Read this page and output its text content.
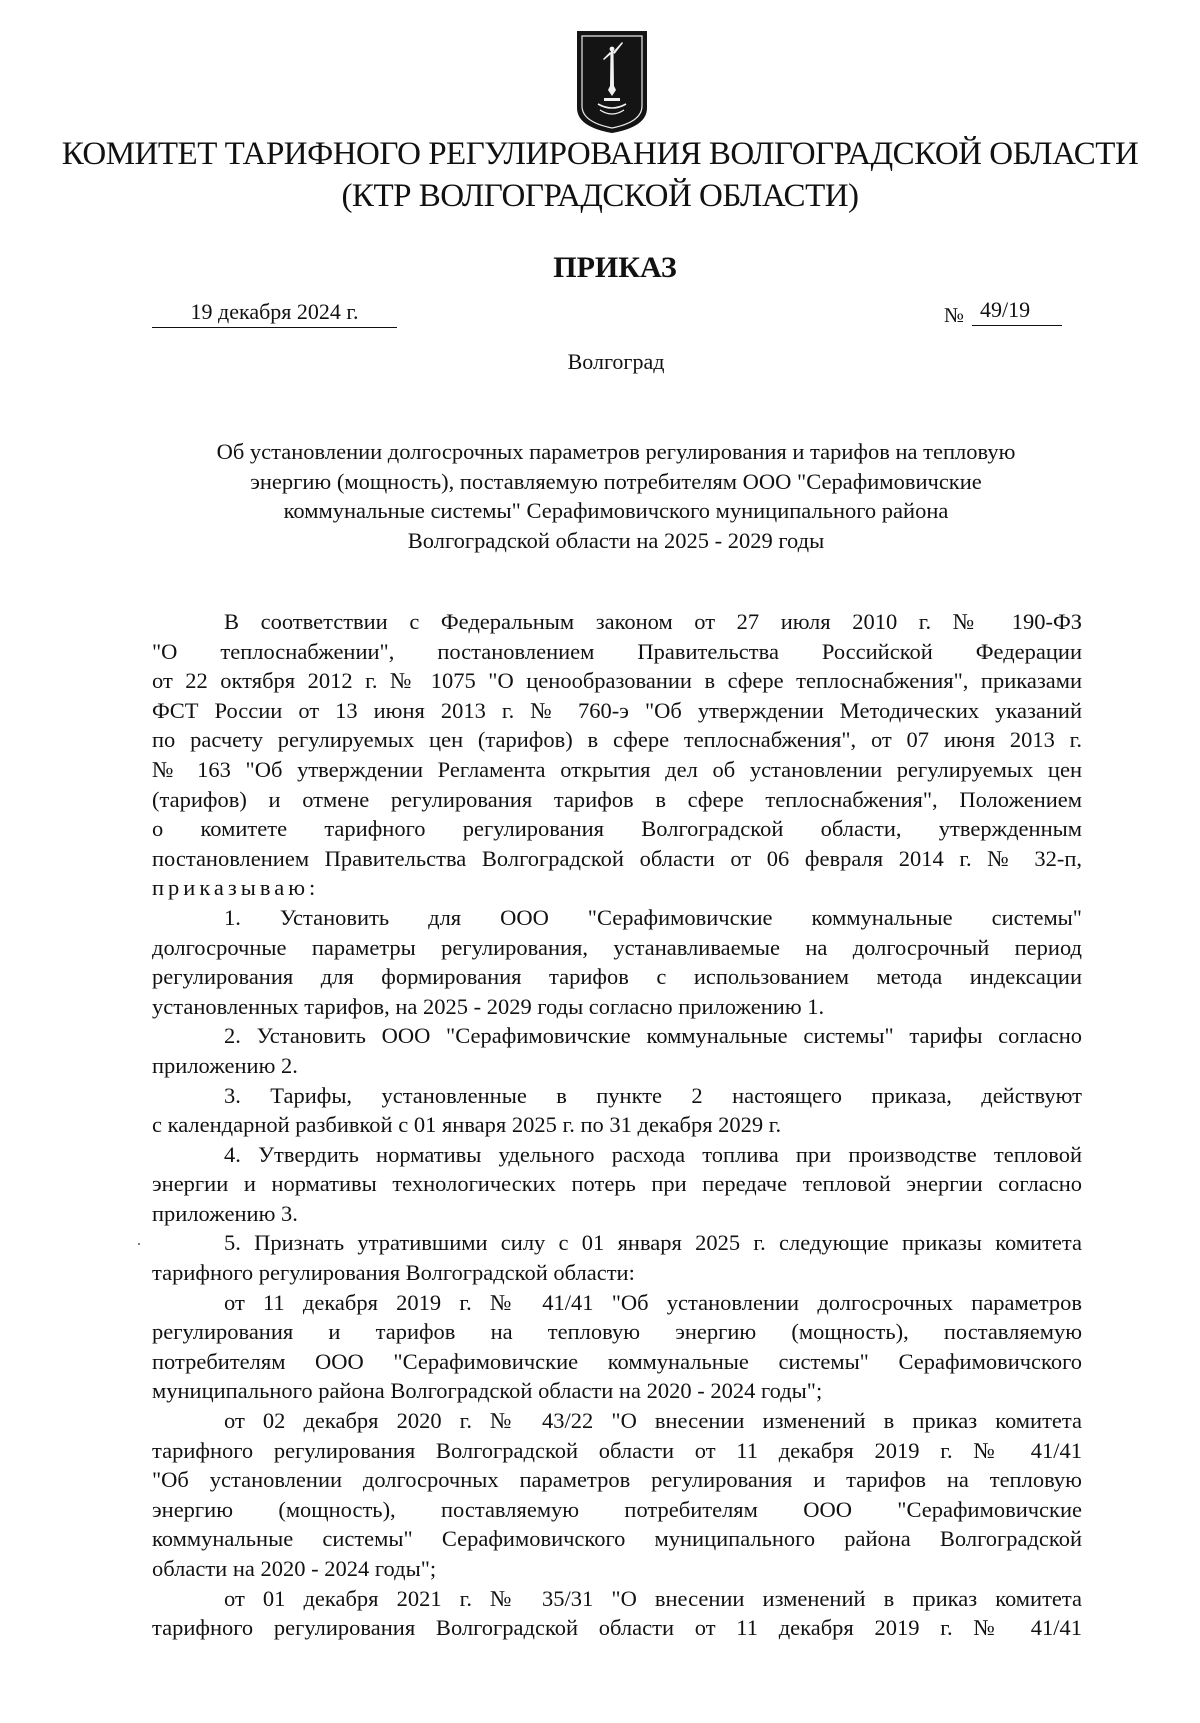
КОМИТЕТ ТАРИФНОГО РЕГУЛИРОВАНИЯ ВОЛГОГРАДСКОЙ ОБЛАСТИ
(КТР ВОЛГОГРАДСКОЙ ОБЛАСТИ)
ПРИКАЗ
19 декабря 2024 г.	№ 49/19
Волгоград
Об установлении долгосрочных параметров регулирования и тарифов на тепловую
энергию (мощность), поставляемую потребителям ООО "Серафимовичские
коммунальные системы" Серафимовичского муниципального района
Волгоградской области на 2025 - 2029 годы
В соответствии с Федеральным законом от 27 июля 2010 г. № 190-ФЗ
"О теплоснабжении", постановлением Правительства Российской Федерации
от 22 октября 2012 г. № 1075 "О ценообразовании в сфере теплоснабжения", приказами
ФСТ России от 13 июня 2013 г. № 760-э "Об утверждении Методических указаний
по расчету регулируемых цен (тарифов) в сфере теплоснабжения", от 07 июня 2013 г.
№ 163 "Об утверждении Регламента открытия дел об установлении регулируемых цен
(тарифов) и отмене регулирования тарифов в сфере теплоснабжения", Положением
о комитете тарифного регулирования Волгоградской области, утвержденным
постановлением Правительства Волгоградской области от 06 февраля 2014 г. № 32-п,
приказываю:
1. Установить для ООО "Серафимовичские коммунальные системы"
долгосрочные параметры регулирования, устанавливаемые на долгосрочный период
регулирования для формирования тарифов с использованием метода индексации
установленных тарифов, на 2025 - 2029 годы согласно приложению 1.
2. Установить ООО "Серафимовичские коммунальные системы" тарифы согласно
приложению 2.
3. Тарифы, установленные в пункте 2 настоящего приказа, действуют
с календарной разбивкой с 01 января 2025 г. по 31 декабря 2029 г.
4. Утвердить нормативы удельного расхода топлива при производстве тепловой
энергии и нормативы технологических потерь при передаче тепловой энергии согласно
приложению 3.
5. Признать утратившими силу с 01 января 2025 г. следующие приказы комитета
тарифного регулирования Волгоградской области:
от 11 декабря 2019 г. № 41/41 "Об установлении долгосрочных параметров
регулирования и тарифов на тепловую энергию (мощность), поставляемую
потребителям ООО "Серафимовичские коммунальные системы" Серафимовичского
муниципального района Волгоградской области на 2020 - 2024 годы";
от 02 декабря 2020 г. № 43/22 "О внесении изменений в приказ комитета
тарифного регулирования Волгоградской области от 11 декабря 2019 г. № 41/41
"Об установлении долгосрочных параметров регулирования и тарифов на тепловую
энергию (мощность), поставляемую потребителям ООО "Серафимовичские
коммунальные системы" Серафимовичского муниципального района Волгоградской
области на 2020 - 2024 годы";
от 01 декабря 2021 г. № 35/31 "О внесении изменений в приказ комитета
тарифного регулирования Волгоградской области от 11 декабря 2019 г. № 41/41
